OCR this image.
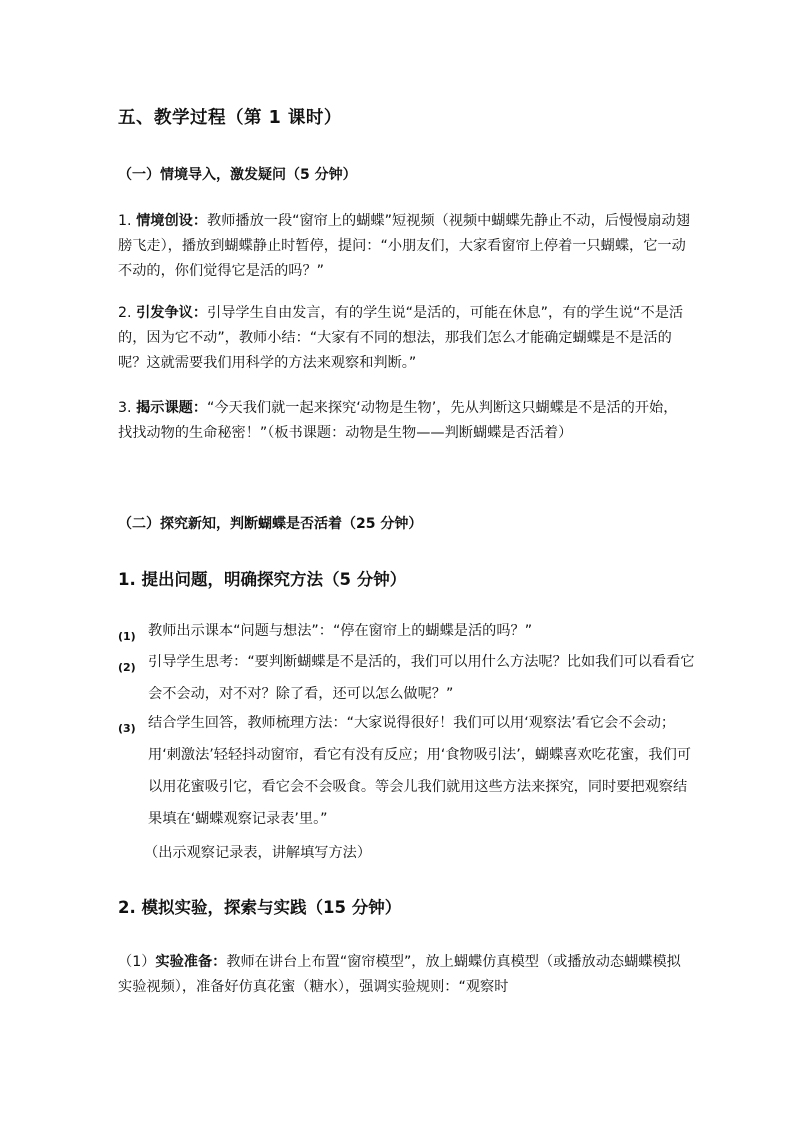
五、教学过程（第 1 课时）
（一）情境导入，激发疑问（5 分钟）

1. 情境创设：教师播放一段“窗帘上的蝴蝶”短视频（视频中蝴蝶先静止不动，后慢慢扇动翅膀飞走），播放到蝴蝶静止时暂停，提问：“小朋友们，大家看窗帘上停着一只蝴蝶，它一动不动的，你们觉得它是活的吗？”

2. 引发争议：引导学生自由发言，有的学生说“是活的，可能在休息”，有的学生说“不是活的，因为它不动”，教师小结：“大家有不同的想法，那我们怎么才能确定蝴蝶是不是活的呢？这就需要我们用科学的方法来观察和判断。”

3. 揭示课题：“今天我们就一起来探究‘动物是生物’，先从判断这只蝴蝶是不是活的开始，找找动物的生命秘密！”（板书课题：动物是生物——判断蝴蝶是否活着）

（二）探究新知，判断蝴蝶是否活着（25 分钟）
1. 提出问题，明确探究方法（5 分钟）
(1) 教师出示课本“问题与想法”：“停在窗帘上的蝴蝶是活的吗？”

(2) 引导学生思考：“要判断蝴蝶是不是活的，我们可以用什么方法呢？比如我们可以看看它会不会动，对不对？除了看，还可以怎么做呢？”

(3) 结合学生回答，教师梳理方法：“大家说得很好！我们可以用‘观察法’看它会不会动；用‘刺激法’轻轻抖动窗帘，看它有没有反应；用‘食物吸引法’，蝴蝶喜欢吃花蜜，我们可以用花蜜吸引它，看它会不会吸食。等会儿我们就用这些方法来探究，同时要把观察结果填在‘蝴蝶观察记录表’里。”

（出示观察记录表，讲解填写方法）
2. 模拟实验，探索与实践（15 分钟）

（1）实验准备：教师在讲台上布置“窗帘模型”，放上蝴蝶仿真模型（或播放动态蝴蝶模拟实验视频），准备好仿真花蜜（糖水），强调实验规则：“观察时
